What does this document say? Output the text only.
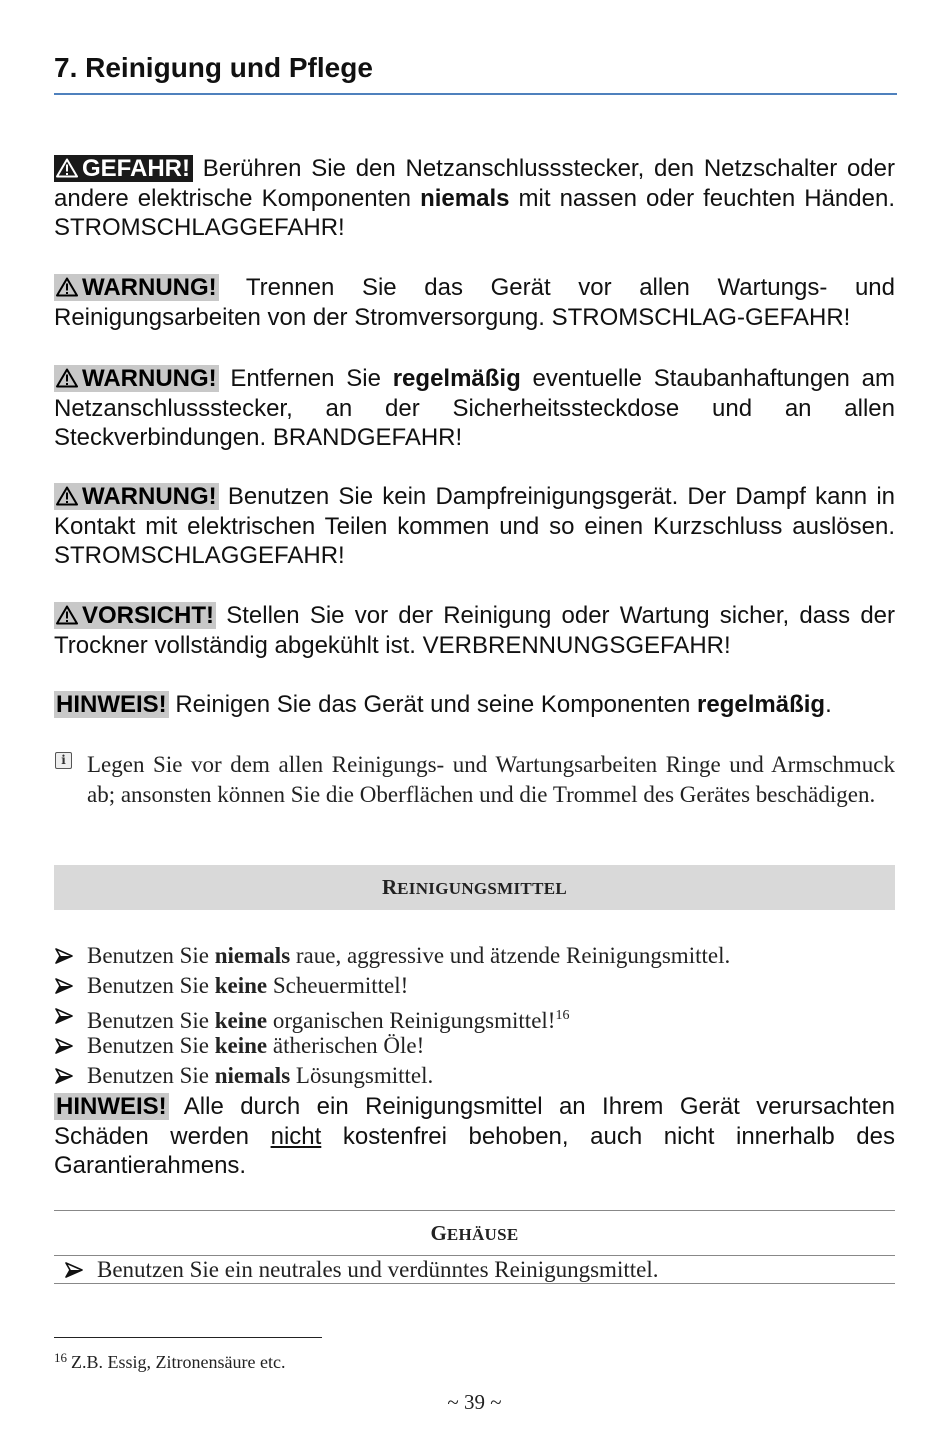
7. Reinigung und Pflege

GEFAHR! Berühren Sie den Netzanschlussstecker, den Netzschalter oder andere elektrische Komponenten niemals mit nassen oder feuchten Händen. STROMSCHLAGGEFAHR!

WARNUNG! Trennen Sie das Gerät vor allen Wartungs- und Reinigungsarbeiten von der Stromversorgung. STROMSCHLAG-GEFAHR!

WARNUNG! Entfernen Sie regelmäßig eventuelle Staubanhaftungen am Netzanschlussstecker, an der Sicherheitssteckdose und an allen Steckverbindungen. BRANDGEFAHR!

WARNUNG! Benutzen Sie kein Dampfreinigungsgerät. Der Dampf kann in Kontakt mit elektrischen Teilen kommen und so einen Kurzschluss auslösen. STROMSCHLAGGEFAHR!

VORSICHT! Stellen Sie vor der Reinigung oder Wartung sicher, dass der Trockner vollständig abgekühlt ist. VERBRENNUNGSGEFAHR!

HINWEIS! Reinigen Sie das Gerät und seine Komponenten regelmäßig.

i Legen Sie vor dem allen Reinigungs- und Wartungsarbeiten Ringe und Armschmuck ab; ansonsten können Sie die Oberflächen und die Trommel des Gerätes beschädigen.
REINIGUNGSMITTEL
Benutzen Sie niemals raue, aggressive und ätzende Reinigungsmittel.
Benutzen Sie keine Scheuermittel!
Benutzen Sie keine organischen Reinigungsmittel!$^{16}$
Benutzen Sie keine ätherischen Öle!
Benutzen Sie niemals Lösungsmittel.

HINWEIS! Alle durch ein Reinigungsmittel an Ihrem Gerät verursachten Schäden werden nicht kostenfrei behoben, auch nicht innerhalb des Garantierahmens.

GEHÄUSE
Benutzen Sie ein neutrales und verdünntes Reinigungsmittel.
$^{16}$ Z.B. Essig, Zitronensäure etc.
~ 39 ~
